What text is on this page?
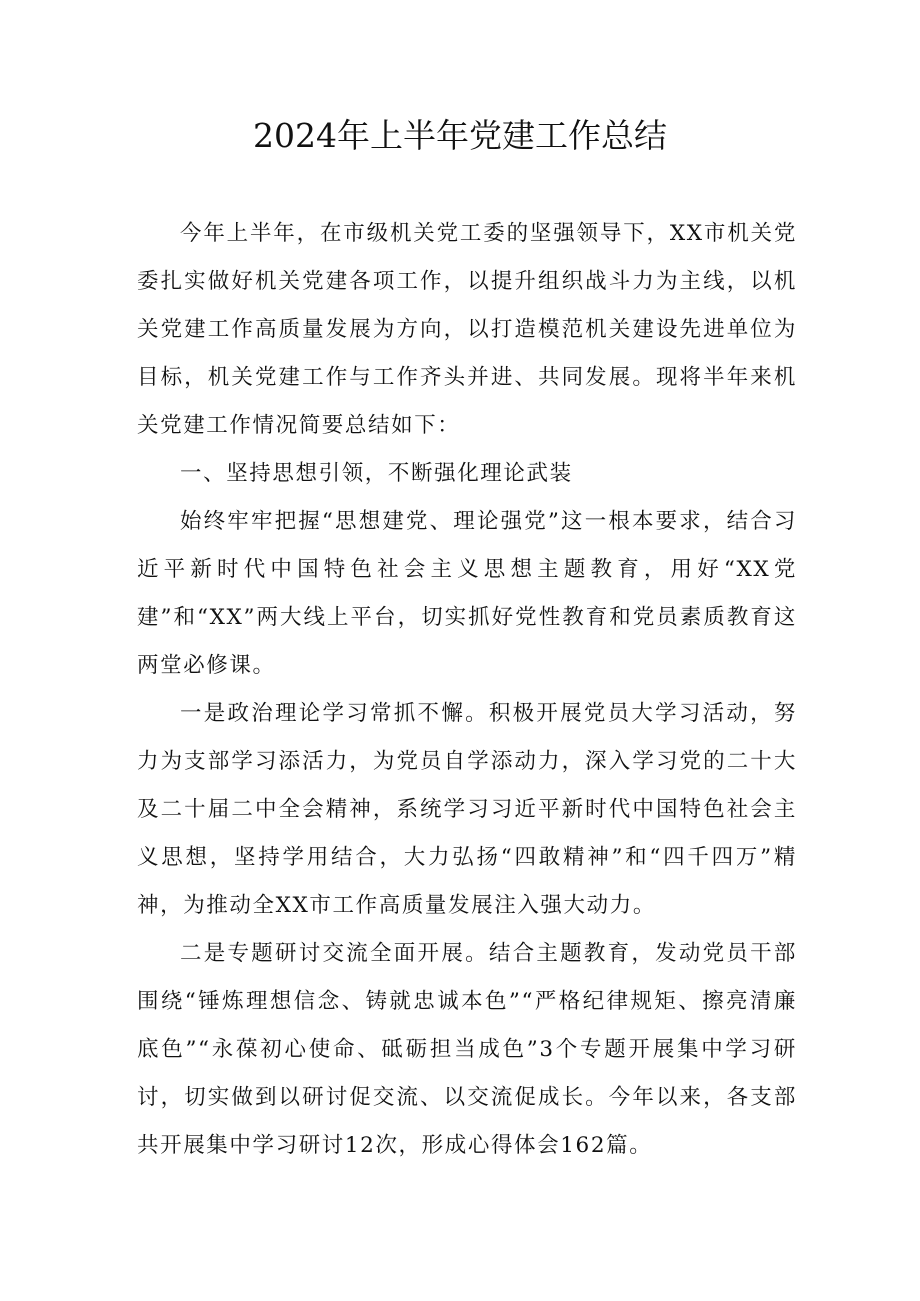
2024年上半年党建工作总结

今年上半年，在市级机关党工委的坚强领导下，XX市机关党委扎实做好机关党建各项工作，以提升组织战斗力为主线，以机关党建工作高质量发展为方向，以打造模范机关建设先进单位为目标，机关党建工作与工作齐头并进、共同发展。现将半年来机关党建工作情况简要总结如下：

一、坚持思想引领，不断强化理论武装

始终牢牢把握“思想建党、理论强党”这一根本要求，结合习近平新时代中国特色社会主义思想主题教育，用好“XX党建”和“XX”两大线上平台，切实抓好党性教育和党员素质教育这两堂必修课。

一是政治理论学习常抓不懈。积极开展党员大学习活动，努力为支部学习添活力，为党员自学添动力，深入学习党的二十大及二十届二中全会精神，系统学习习近平新时代中国特色社会主义思想，坚持学用结合，大力弘扬“四敢精神”和“四千四万”精神，为推动全XX市工作高质量发展注入强大动力。

二是专题研讨交流全面开展。结合主题教育，发动党员干部围绕“锤炼理想信念、铸就忠诚本色”“严格纪律规矩、擦亮清廉底色”“永葆初心使命、砥砺担当成色”3个专题开展集中学习研讨，切实做到以研讨促交流、以交流促成长。今年以来，各支部共开展集中学习研讨12次，形成心得体会162篇。
